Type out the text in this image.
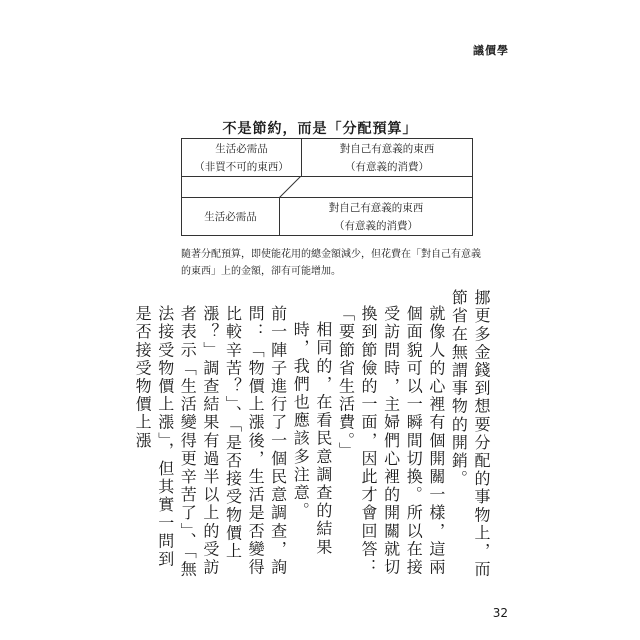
議價學
不是節約，而是「分配預算」
生活必需品
（非買不可的東西）
對自己有意義的東西
（有意義的消費）
生活必需品
對自己有意義的東西
（有意義的消費）
隨著分配預算，即使能花用的總金額減少，但花費在「對自己有意義的東西」上的金額，卻有可能增加。

挪更多金錢到想要分配的事物上，而節省在無謂事物的開銷。

就像人的心裡有個開關一樣，這兩個面貌可以一瞬間切換。所以在接受訪問時，主婦們心裡的開關就切換到節儉的一面，因此才會回答：「要節省生活費。」

相同的，在看民意調查的結果時，我們也應該多注意。

前一陣子進行了一個民意調查，詢問：「物價上漲後，生活是否變得比較辛苦？」、「是否接受物價上漲？」調查結果有過半以上的受訪者表示「生活變得更辛苦了」、「無法接受物價上漲」，但其實一問到是否接受物價上漲

32
